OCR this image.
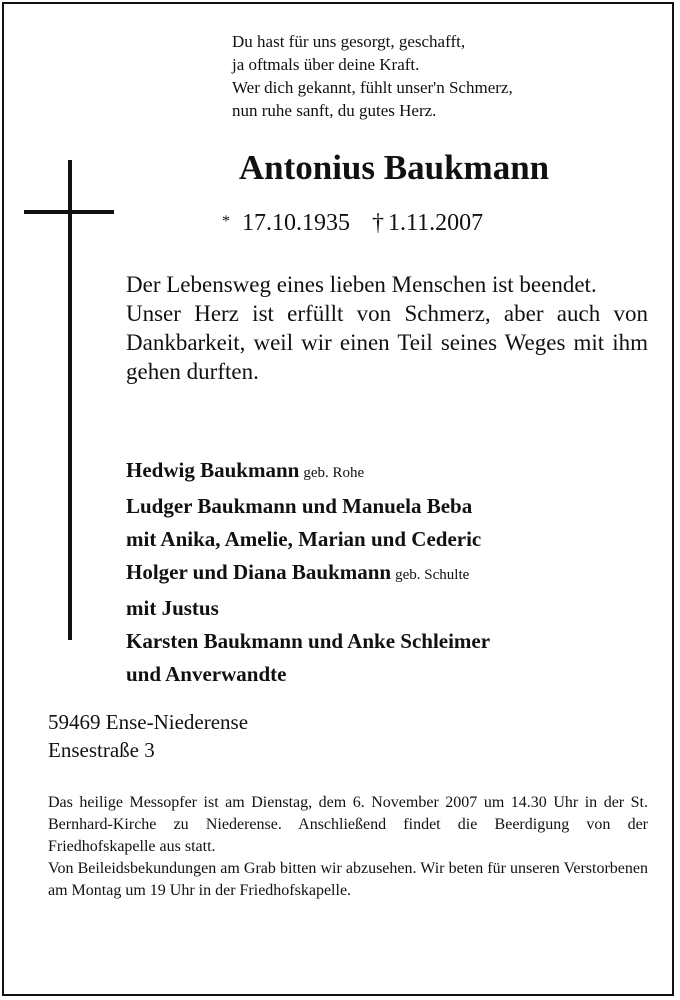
Du hast für uns gesorgt, geschafft,
ja oftmals über deine Kraft.
Wer dich gekannt, fühlt unser'n Schmerz,
nun ruhe sanft, du gutes Herz.
Antonius Baukmann
* 17.10.1935 † 1.11.2007

Der Lebensweg eines lieben Menschen ist beendet.

Unser Herz ist erfüllt von Schmerz, aber auch von Dankbarkeit, weil wir einen Teil seines Weges mit ihm gehen durften.

Hedwig Baukmann geb. Rohe
Ludger Baukmann und Manuela Beba
mit Anika, Amelie, Marian und Cederic
Holger und Diana Baukmann geb. Schulte
mit Justus
Karsten Baukmann und Anke Schleimer
und Anverwandte
59469 Ense-Niederense
Ensestraße 3

Das heilige Messopfer ist am Dienstag, dem 6. November 2007 um 14.30 Uhr in der St. Bernhard-Kirche zu Niederense. Anschließend findet die Beerdigung von der Friedhofskapelle aus statt.

Von Beileidsbekundungen am Grab bitten wir abzusehen. Wir beten für unseren Verstorbenen am Montag um 19 Uhr in der Friedhofskapelle.
